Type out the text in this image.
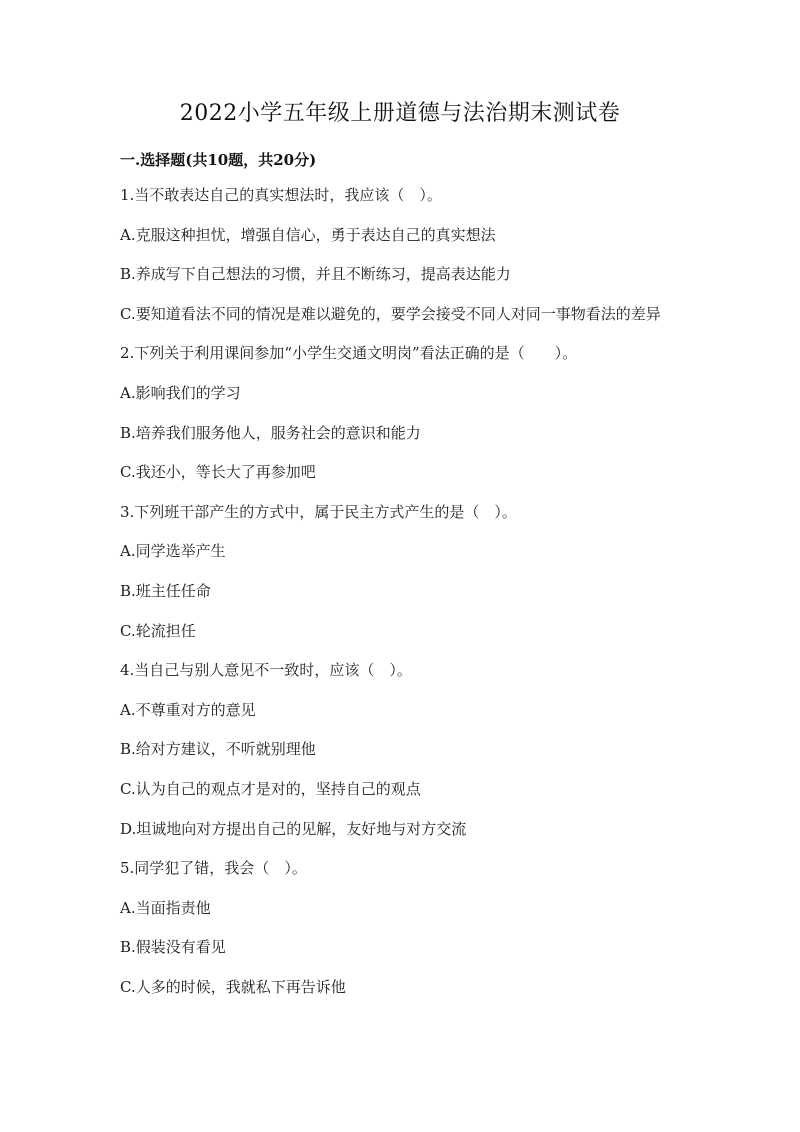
2022小学五年级上册道德与法治期末测试卷
一.选择题(共10题，共20分)
1.当不敢表达自己的真实想法时，我应该（　）。
A.克服这种担忧，增强自信心，勇于表达自己的真实想法
B.养成写下自己想法的习惯，并且不断练习，提高表达能力
C.要知道看法不同的情况是难以避免的，要学会接受不同人对同一事物看法的差异
2.下列关于利用课间参加“小学生交通文明岗”看法正确的是（　　）。
A.影响我们的学习
B.培养我们服务他人，服务社会的意识和能力
C.我还小，等长大了再参加吧
3.下列班干部产生的方式中，属于民主方式产生的是（　）。
A.同学选举产生
B.班主任任命
C.轮流担任
4.当自己与别人意见不一致时，应该（　）。
A.不尊重对方的意见
B.给对方建议，不听就别理他
C.认为自己的观点才是对的，坚持自己的观点
D.坦诚地向对方提出自己的见解，友好地与对方交流
5.同学犯了错，我会（　）。
A.当面指责他
B.假装没有看见
C.人多的时候，我就私下再告诉他
